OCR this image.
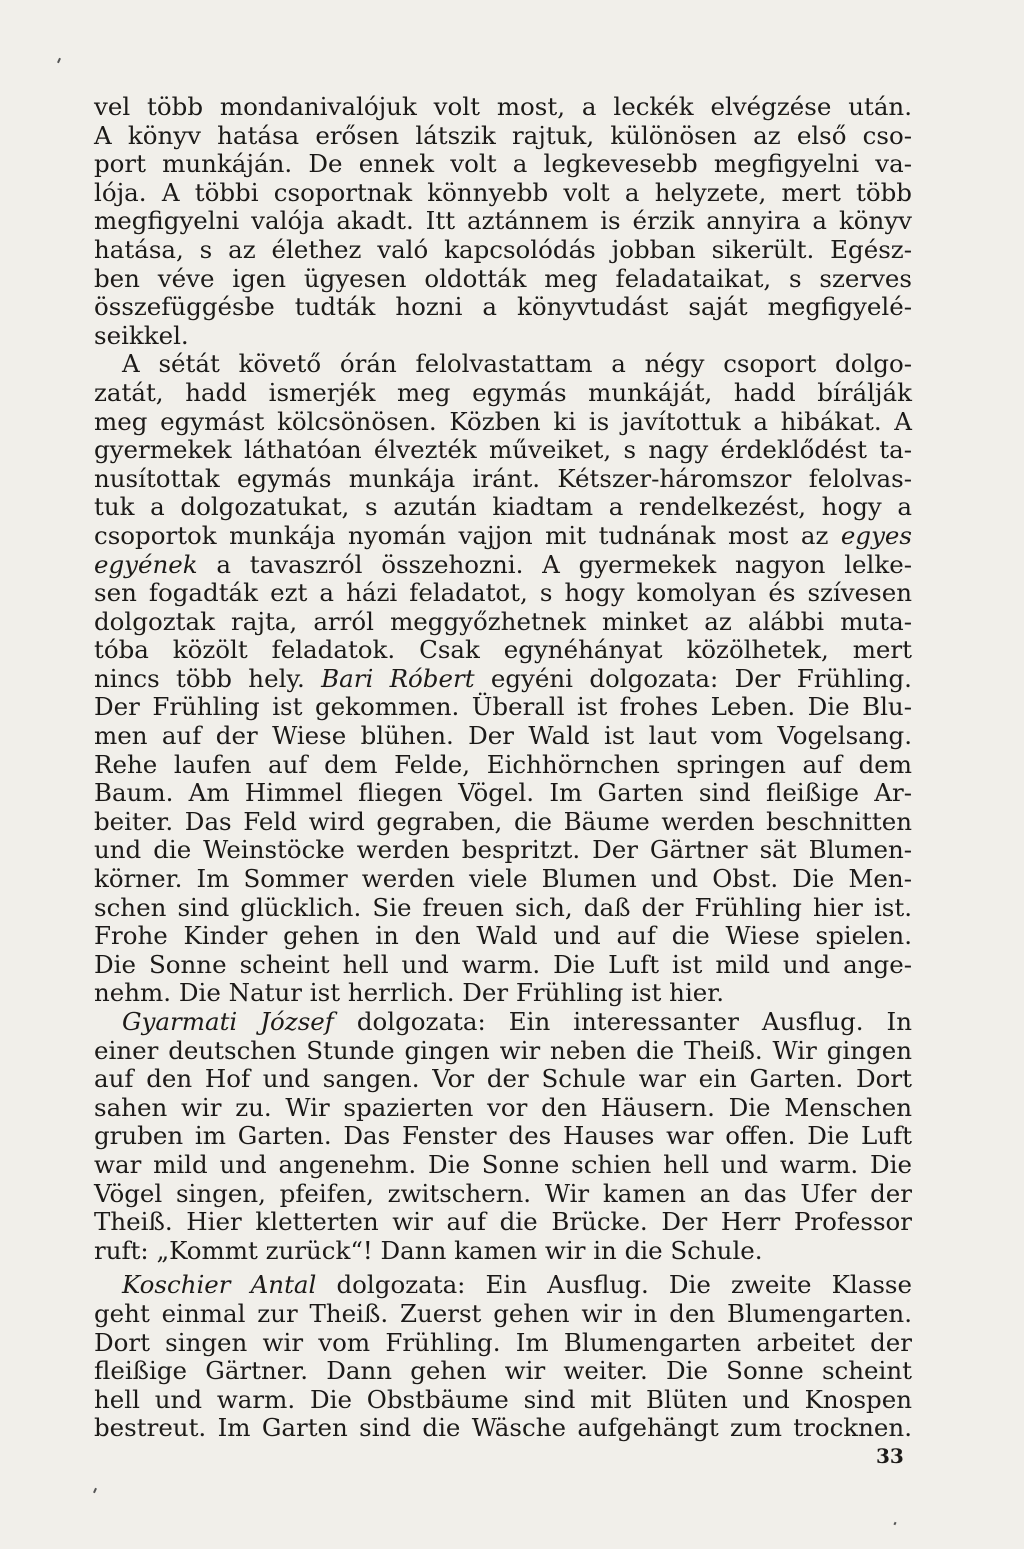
vel több mondanivalójuk volt most, a leckék elvégzése után.
A könyv hatása erősen látszik rajtuk, különösen az első cso-
port munkáján. De ennek volt a legkevesebb megfigyelni va-
lója. A többi csoportnak könnyebb volt a helyzete, mert több
megfigyelni valója akadt. Itt aztánnem is érzik annyira a könyv
hatása, s az élethez való kapcsolódás jobban sikerült. Egész-
ben véve igen ügyesen oldották meg feladataikat, s szerves
összefüggésbe tudták hozni a könyvtudást saját megfigyelé-
seikkel.
A sétát követő órán felolvastattam a négy csoport dolgo-
zatát, hadd ismerjék meg egymás munkáját, hadd bírálják
meg egymást kölcsönösen. Közben ki is javítottuk a hibákat. A
gyermekek láthatóan élvezték műveiket, s nagy érdeklődést ta-
nusítottak egymás munkája iránt. Kétszer-háromszor felolvas-
tuk a dolgozatukat, s azután kiadtam a rendelkezést, hogy a
csoportok munkája nyomán vajjon mit tudnának most az egyes
egyének a tavaszról összehozni. A gyermekek nagyon lelke-
sen fogadták ezt a házi feladatot, s hogy komolyan és szívesen
dolgoztak rajta, arról meggyőzhetnek minket az alábbi muta-
tóba közölt feladatok. Csak egynéhányat közölhetek, mert
nincs több hely. Bari Róbert egyéni dolgozata: Der Frühling.
Der Frühling ist gekommen. Überall ist frohes Leben. Die Blu-
men auf der Wiese blühen. Der Wald ist laut vom Vogelsang.
Rehe laufen auf dem Felde, Eichhörnchen springen auf dem
Baum. Am Himmel fliegen Vögel. Im Garten sind fleißige Ar-
beiter. Das Feld wird gegraben, die Bäume werden beschnitten
und die Weinstöcke werden bespritzt. Der Gärtner sät Blumen-
körner. Im Sommer werden viele Blumen und Obst. Die Men-
schen sind glücklich. Sie freuen sich, daß der Frühling hier ist.
Frohe Kinder gehen in den Wald und auf die Wiese spielen.
Die Sonne scheint hell und warm. Die Luft ist mild und ange-
nehm. Die Natur ist herrlich. Der Frühling ist hier.
Gyarmati József dolgozata: Ein interessanter Ausflug. In
einer deutschen Stunde gingen wir neben die Theiß. Wir gingen
auf den Hof und sangen. Vor der Schule war ein Garten. Dort
sahen wir zu. Wir spazierten vor den Häusern. Die Menschen
gruben im Garten. Das Fenster des Hauses war offen. Die Luft
war mild und angenehm. Die Sonne schien hell und warm. Die
Vögel singen, pfeifen, zwitschern. Wir kamen an das Ufer der
Theiß. Hier kletterten wir auf die Brücke. Der Herr Professor
ruft: „Kommt zurück“! Dann kamen wir in die Schule.
Koschier Antal dolgozata: Ein Ausflug. Die zweite Klasse
geht einmal zur Theiß. Zuerst gehen wir in den Blumengarten.
Dort singen wir vom Frühling. Im Blumengarten arbeitet der
fleißige Gärtner. Dann gehen wir weiter. Die Sonne scheint
hell und warm. Die Obstbäume sind mit Blüten und Knospen
bestreut. Im Garten sind die Wäsche aufgehängt zum trocknen.
33
